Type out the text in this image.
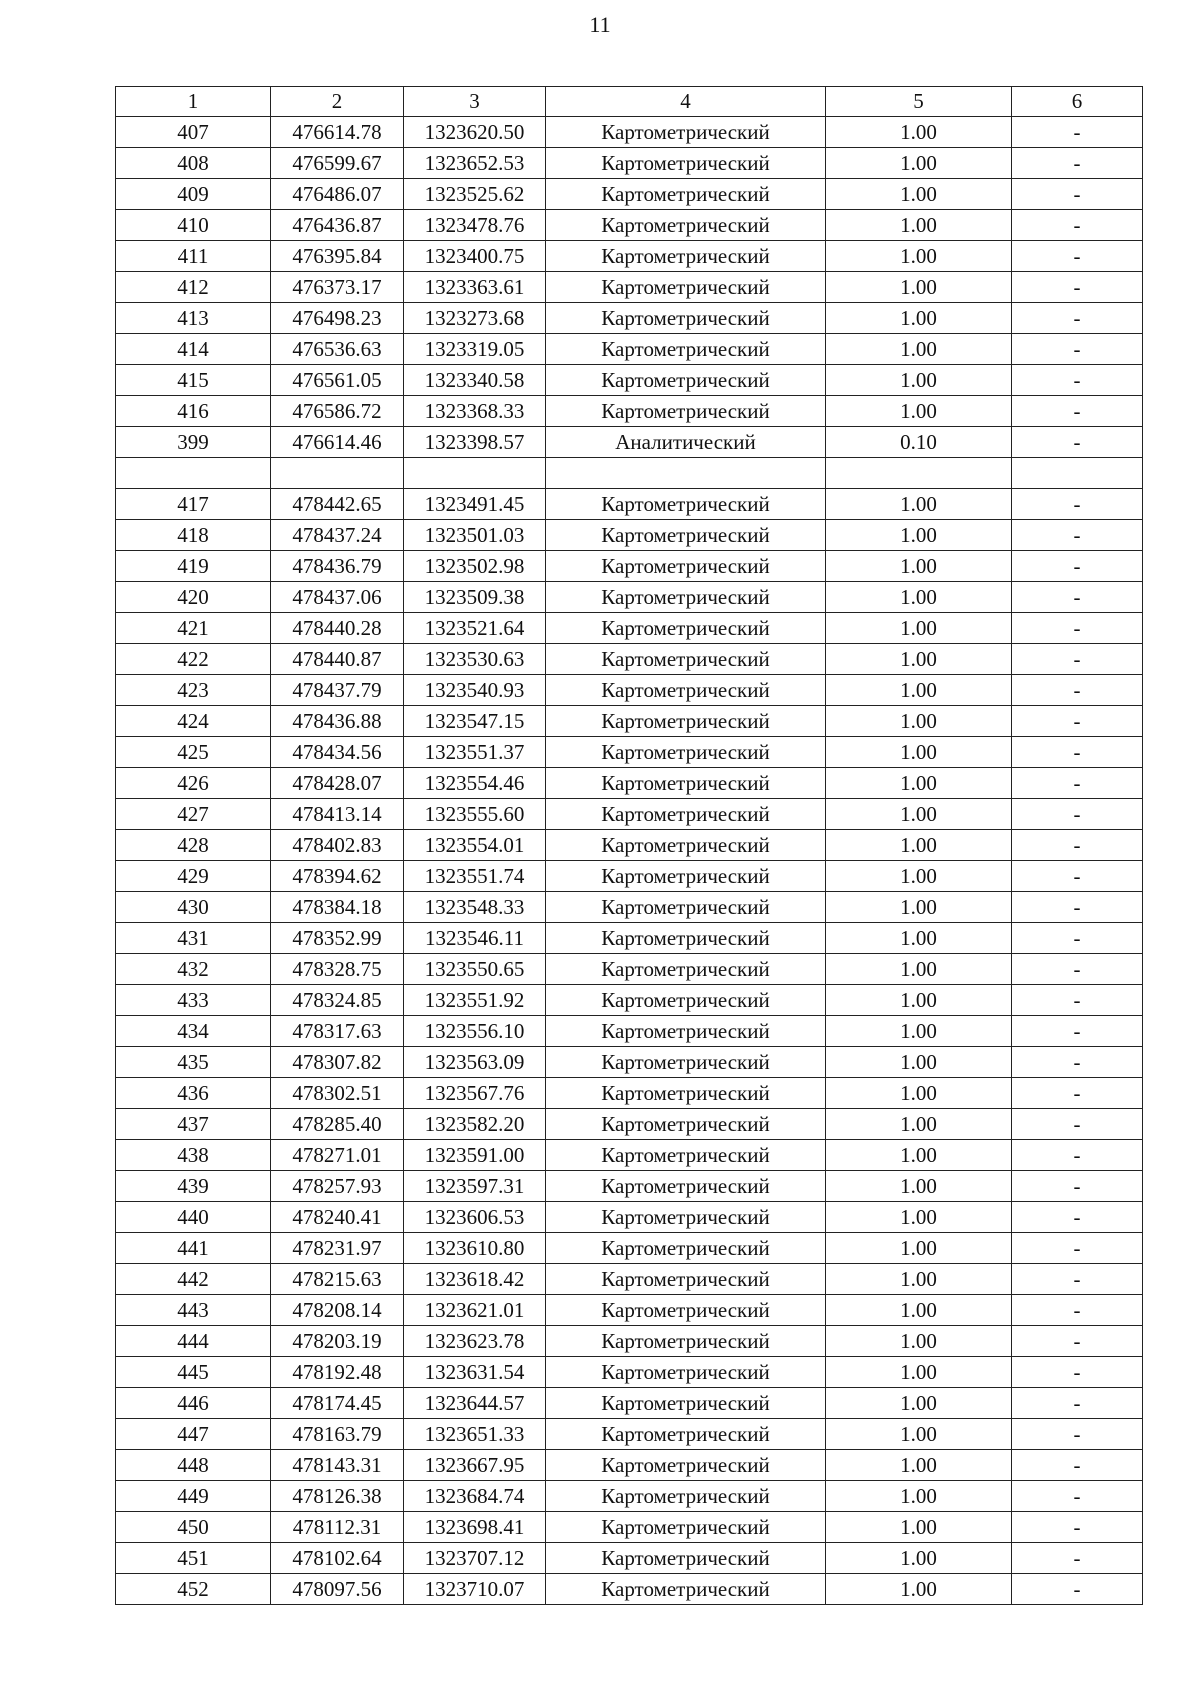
11
1	2	3	4	5	6
407	476614.78	1323620.50	Картометрический	1.00	-
408	476599.67	1323652.53	Картометрический	1.00	-
409	476486.07	1323525.62	Картометрический	1.00	-
410	476436.87	1323478.76	Картометрический	1.00	-
411	476395.84	1323400.75	Картометрический	1.00	-
412	476373.17	1323363.61	Картометрический	1.00	-
413	476498.23	1323273.68	Картометрический	1.00	-
414	476536.63	1323319.05	Картометрический	1.00	-
415	476561.05	1323340.58	Картометрический	1.00	-
416	476586.72	1323368.33	Картометрический	1.00	-
399	476614.46	1323398.57	Аналитический	0.10	-

417	478442.65	1323491.45	Картометрический	1.00	-
418	478437.24	1323501.03	Картометрический	1.00	-
419	478436.79	1323502.98	Картометрический	1.00	-
420	478437.06	1323509.38	Картометрический	1.00	-
421	478440.28	1323521.64	Картометрический	1.00	-
422	478440.87	1323530.63	Картометрический	1.00	-
423	478437.79	1323540.93	Картометрический	1.00	-
424	478436.88	1323547.15	Картометрический	1.00	-
425	478434.56	1323551.37	Картометрический	1.00	-
426	478428.07	1323554.46	Картометрический	1.00	-
427	478413.14	1323555.60	Картометрический	1.00	-
428	478402.83	1323554.01	Картометрический	1.00	-
429	478394.62	1323551.74	Картометрический	1.00	-
430	478384.18	1323548.33	Картометрический	1.00	-
431	478352.99	1323546.11	Картометрический	1.00	-
432	478328.75	1323550.65	Картометрический	1.00	-
433	478324.85	1323551.92	Картометрический	1.00	-
434	478317.63	1323556.10	Картометрический	1.00	-
435	478307.82	1323563.09	Картометрический	1.00	-
436	478302.51	1323567.76	Картометрический	1.00	-
437	478285.40	1323582.20	Картометрический	1.00	-
438	478271.01	1323591.00	Картометрический	1.00	-
439	478257.93	1323597.31	Картометрический	1.00	-
440	478240.41	1323606.53	Картометрический	1.00	-
441	478231.97	1323610.80	Картометрический	1.00	-
442	478215.63	1323618.42	Картометрический	1.00	-
443	478208.14	1323621.01	Картометрический	1.00	-
444	478203.19	1323623.78	Картометрический	1.00	-
445	478192.48	1323631.54	Картометрический	1.00	-
446	478174.45	1323644.57	Картометрический	1.00	-
447	478163.79	1323651.33	Картометрический	1.00	-
448	478143.31	1323667.95	Картометрический	1.00	-
449	478126.38	1323684.74	Картометрический	1.00	-
450	478112.31	1323698.41	Картометрический	1.00	-
451	478102.64	1323707.12	Картометрический	1.00	-
452	478097.56	1323710.07	Картометрический	1.00	-
